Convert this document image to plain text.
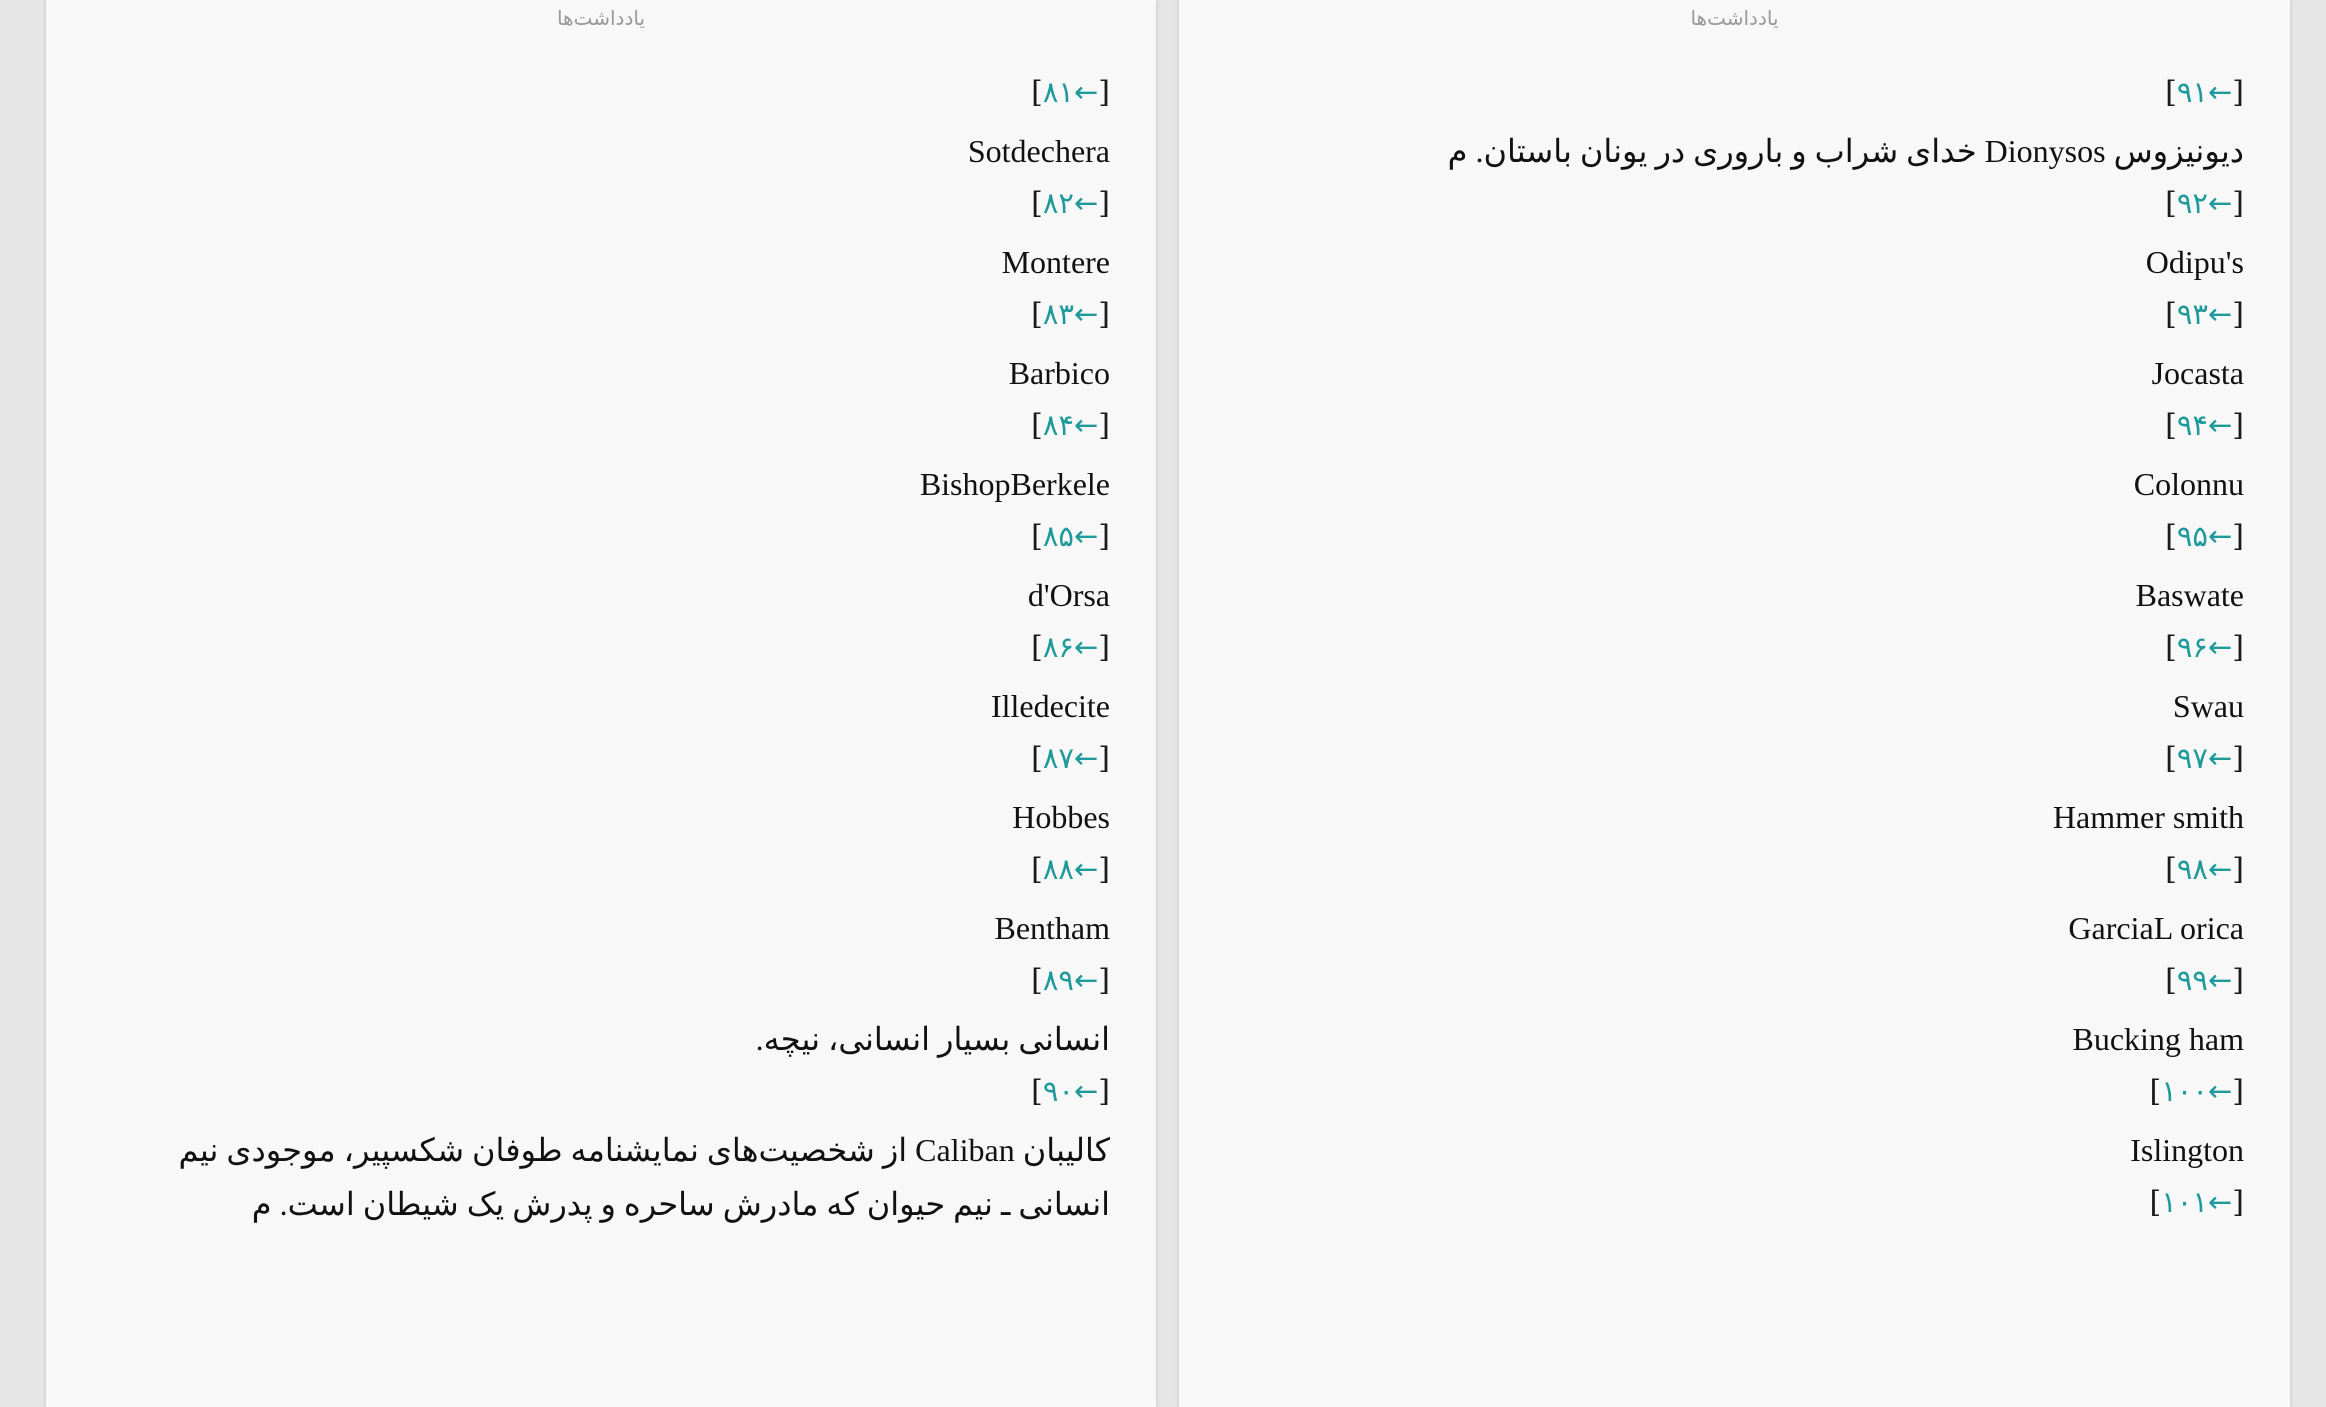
یادداشت‌ها
[←۸۱]
Sotdechera
[←۸۲]
Montere
[←۸۳]
Barbico
[←۸۴]
BishopBerkele
[←۸۵]
d'Orsa
[←۸۶]
Illedecite
[←۸۷]
Hobbes
[←۸۸]
Bentham
[←۸۹]
انسانی بسیار انسانی، نیچه.
[←۹۰]
کالیبان Caliban از شخصیت‌های نمایشنامه طوفان شکسپیر، موجودی نیم انسانی ـ نیم حیوان که مادرش ساحره و پدرش یک شیطان است. م
یادداشت‌ها
[←۹۱]
دیونیزوس Dionysos خدای شراب و باروری در یونان باستان. م
[←۹۲]
Odipu's
[←۹۳]
Jocasta
[←۹۴]
Colonnu
[←۹۵]
Baswate
[←۹۶]
Swau
[←۹۷]
Hammer smith
[←۹۸]
GarciaL orica
[←۹۹]
Bucking ham
[←۱۰۰]
Islington
[←۱۰۱]
